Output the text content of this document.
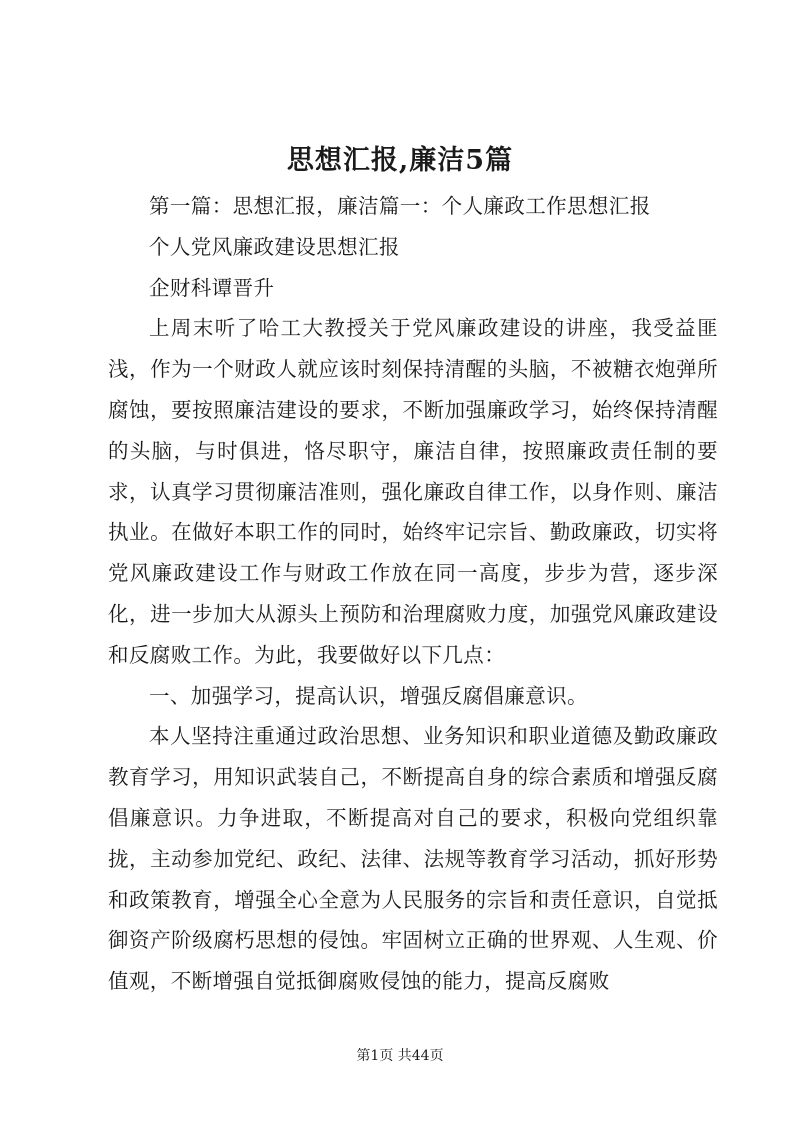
思想汇报,廉洁5篇

第一篇：思想汇报，廉洁篇一：个人廉政工作思想汇报

个人党风廉政建设思想汇报

企财科谭晋升

上周末听了哈工大教授关于党风廉政建设的讲座，我受益匪浅，作为一个财政人就应该时刻保持清醒的头脑，不被糖衣炮弹所腐蚀，要按照廉洁建设的要求，不断加强廉政学习，始终保持清醒的头脑，与时俱进，恪尽职守，廉洁自律，按照廉政责任制的要求，认真学习贯彻廉洁准则，强化廉政自律工作，以身作则、廉洁执业。在做好本职工作的同时，始终牢记宗旨、勤政廉政，切实将党风廉政建设工作与财政工作放在同一高度，步步为营，逐步深化，进一步加大从源头上预防和治理腐败力度，加强党风廉政建设和反腐败工作。为此，我要做好以下几点：

一、加强学习，提高认识，增强反腐倡廉意识。

本人坚持注重通过政治思想、业务知识和职业道德及勤政廉政教育学习，用知识武装自己，不断提高自身的综合素质和增强反腐倡廉意识。力争进取，不断提高对自己的要求，积极向党组织靠拢，主动参加党纪、政纪、法律、法规等教育学习活动，抓好形势和政策教育，增强全心全意为人民服务的宗旨和责任意识，自觉抵御资产阶级腐朽思想的侵蚀。牢固树立正确的世界观、人生观、价值观，不断增强自觉抵御腐败侵蚀的能力，提高反腐败

第1页 共44页
